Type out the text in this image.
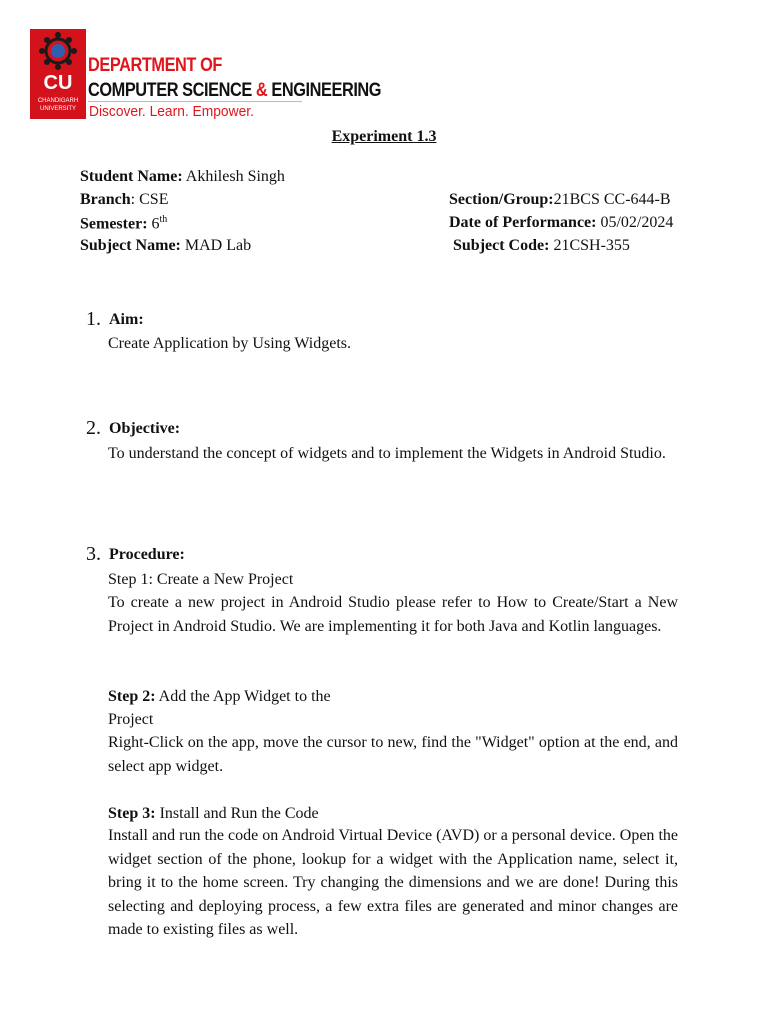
CU
CHANDIGARH
UNIVERSITY
DEPARTMENT OF
COMPUTER SCIENCE & ENGINEERING
Discover. Learn. Empower.
Experiment 1.3
Student Name: Akhilesh Singh
Branch: CSE	Section/Group:21BCS CC-644-B
Semester: 6th	Date of Performance: 05/02/2024
Subject Name: MAD Lab	Subject Code: 21CSH-355
1. Aim:
Create Application by Using Widgets.
2. Objective:
To understand the concept of widgets and to implement the Widgets in Android Studio.
3. Procedure:
Step 1: Create a New Project
To create a new project in Android Studio please refer to How to Create/Start a New Project in Android Studio. We are implementing it for both Java and Kotlin languages.
Step 2: Add the App Widget to the
Project
Right-Click on the app, move the cursor to new, find the "Widget" option at the end, and select app widget.
Step 3: Install and Run the Code
Install and run the code on Android Virtual Device (AVD) or a personal device. Open the widget section of the phone, lookup for a widget with the Application name, select it, bring it to the home screen. Try changing the dimensions and we are done! During this selecting and deploying process, a few extra files are generated and minor changes are made to existing files as well.
